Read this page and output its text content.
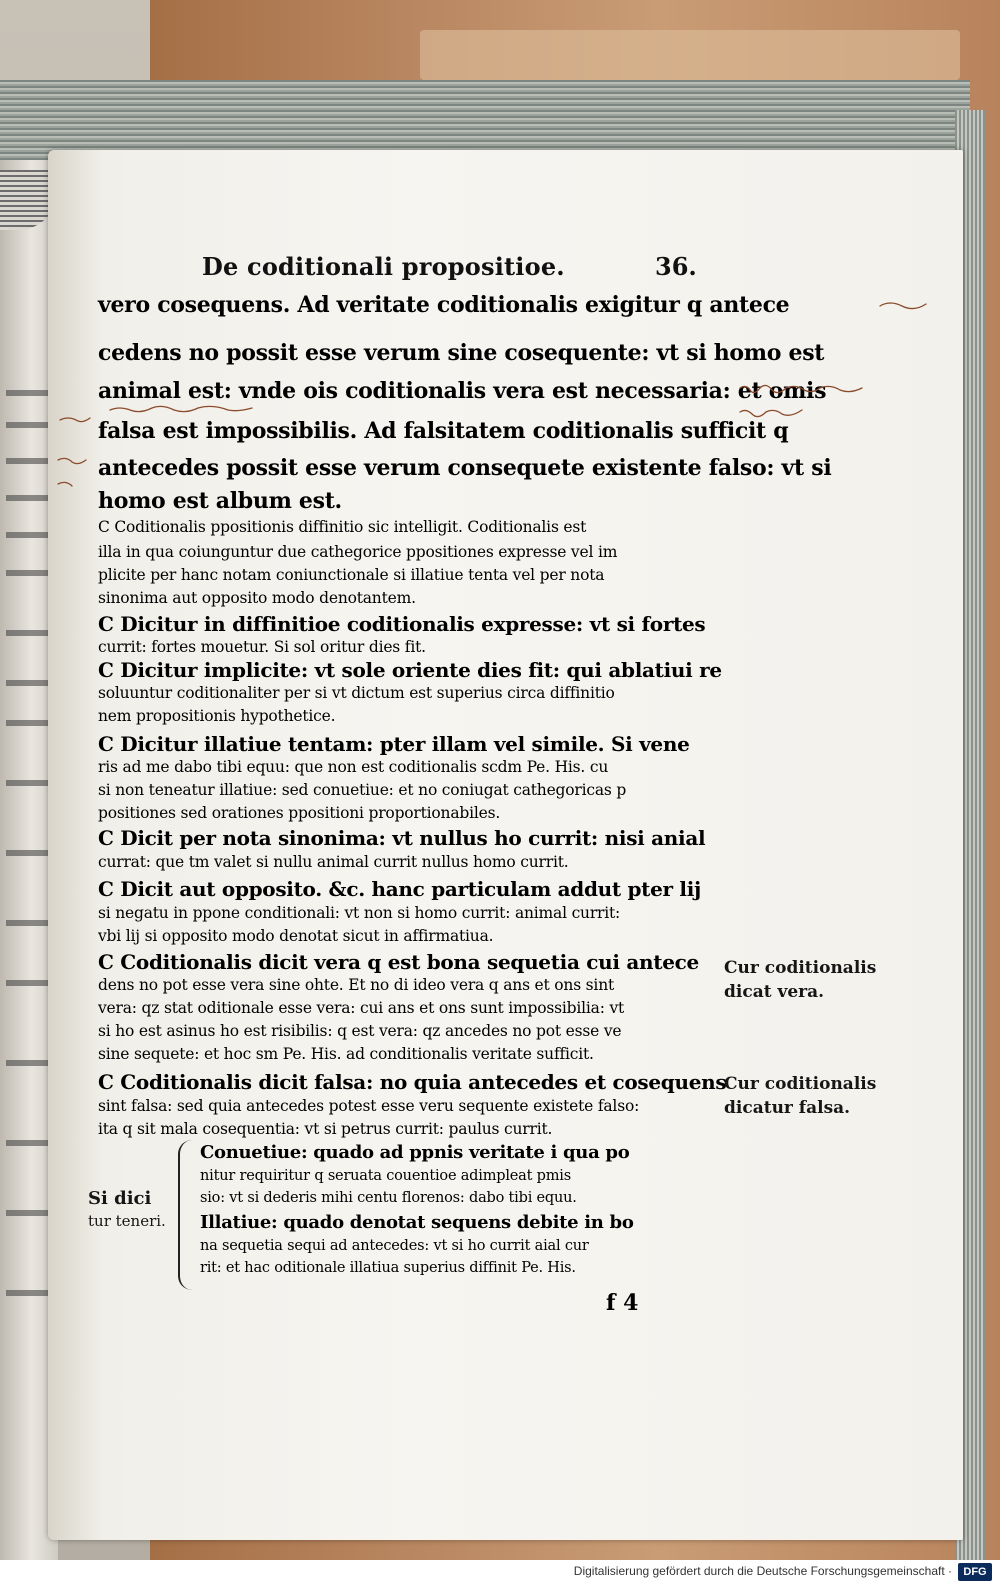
De coditionali propositioe.	36.
vero cosequens. Ad veritate coditionalis exigitur q antece
cedens no possit esse verum sine cosequente: vt si homo est
animal est: vnde ois coditionalis vera est necessaria: et omis
falsa est impossibilis. Ad falsitatem coditionalis sufficit q
antecedes possit esse verum consequete existente falso: vt si
homo est album est.
C Coditionalis ppositionis diffinitio sic intelligit. Coditionalis est
illa in qua coiunguntur due cathegorice ppositiones expresse vel im
plicite per hanc notam coniunctionale si illatiue tenta vel per nota
sinonima aut opposito modo denotantem.
C Dicitur in diffinitioe coditionalis expresse: vt si fortes
currit: fortes mouetur. Si sol oritur dies fit.
C Dicitur implicite: vt sole oriente dies fit: qui ablatiui re
soluuntur coditionaliter per si vt dictum est superius circa diffinitio
nem propositionis hypothetice.
C Dicitur illatiue tentam: pter illam vel simile. Si vene
ris ad me dabo tibi equu: que non est coditionalis scdm Pe. His. cu
si non teneatur illatiue: sed conuetiue: et no coniugat cathegoricas p
positiones sed orationes ppositioni proportionabiles.
C Dicit per nota sinonima: vt nullus ho currit: nisi anial
currat: que tm valet si nullu animal currit nullus homo currit.
C Dicit aut opposito. &c. hanc particulam addut pter lij
si negatu in ppone conditionali: vt non si homo currit: animal currit:
vbi lij si opposito modo denotat sicut in affirmatiua.
C Coditionalis dicit vera q est bona sequetia cui antece
dens no pot esse vera sine ohte. Et no di ideo vera q ans et ons sint
vera: qz stat oditionale esse vera: cui ans et ons sunt impossibilia: vt
si ho est asinus ho est risibilis: q est vera: qz ancedes no pot esse ve
sine sequete: et hoc sm Pe. His. ad conditionalis veritate sufficit.
C Coditionalis dicit falsa: no quia antecedes et cosequens
sint falsa: sed quia antecedes potest esse veru sequente existete falso:
ita q sit mala cosequentia: vt si petrus currit: paulus currit.
Si dici
tur teneri.
Conuetiue: quado ad ppnis veritate i qua po
nitur requiritur q seruata couentioe adimpleat pmis
sio: vt si dederis mihi centu florenos: dabo tibi equu.
Illatiue: quado denotat sequens debite in bo
na sequetia sequi ad antecedes: vt si ho currit aial cur
rit: et hac oditionale illatiua superius diffinit Pe. His.
f 4
Cur coditionalis
dicat vera.
Cur coditionalis
dicatur falsa.
Digitalisierung gefördert durch die Deutsche Forschungsgemeinschaft ·	DFG
